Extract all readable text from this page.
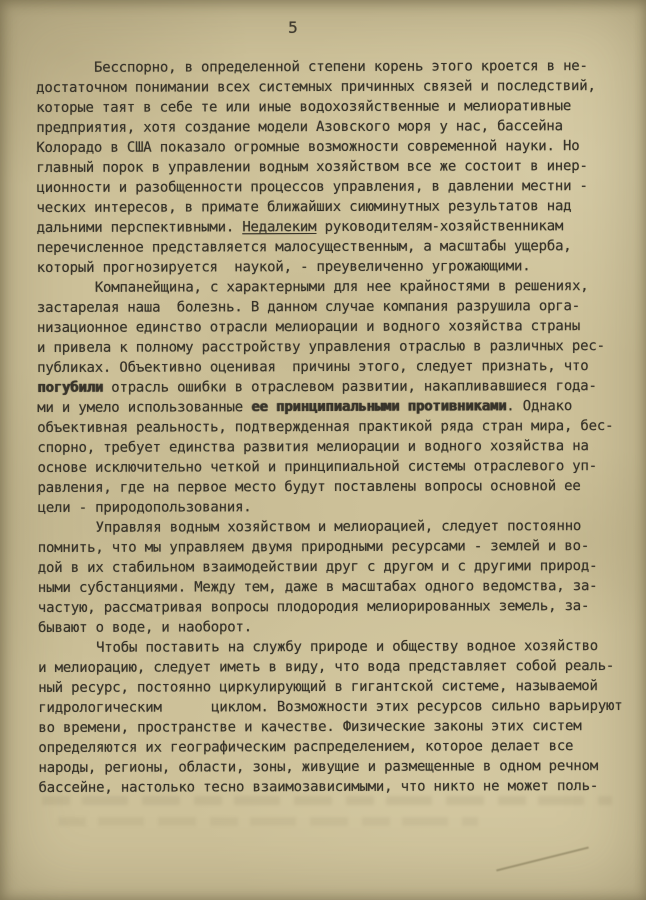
5
Бесспорно, в определенной степени корень этого кроется в не-
достаточном понимании всех системных причинных связей и последствий,
которые таят в себе те или иные водохозяйственные и мелиоративные
предприятия, хотя создание модели Азовского моря у нас, бассейна
Колорадо в США показало огромные возможности современной науки. Но
главный порок в управлении водным хозяйством все же состоит в инер-
ционности и разобщенности процессов управления, в давлении местни -
ческих интересов, в примате ближайших сиюминутных результатов над
дальними перспективными. Недалеким руководителям-хозяйственникам
перечисленное представляется малосущественным, а масштабы ущерба,
который прогнозируется  наукой, - преувеличенно угрожающими.
Компанейщина, с характерными для нее крайностями в решениях,
застарелая наша  болезнь. В данном случае компания разрушила орга-
низационное единство отрасли мелиорации и водного хозяйства страны
и привела к полному расстройству управления отраслью в различных рес-
публиках. Объективно оценивая  причины этого, следует признать, что
погубили отрасль ошибки в отраслевом развитии, накапливавшиеся года-
ми и умело использованные ее принципиальными противниками. Однако
объективная реальность, подтвержденная практикой ряда стран мира, бес-
спорно, требует единства развития мелиорации и водного хозяйства на
основе исключительно четкой и принципиальной системы отраслевого уп-
равления, где на первое место будут поставлены вопросы основной ее
цели - природопользования.
Управляя водным хозяйством и мелиорацией, следует постоянно
помнить, что мы управляем двумя природными ресурсами - землей и во-
дой в их стабильном взаимодействии друг с другом и с другими природ-
ными субстанциями. Между тем, даже в масштабах одного ведомства, за-
частую, рассматривая вопросы плодородия мелиорированных земель, за-
бывают о воде, и наоборот.
Чтобы поставить на службу природе и обществу водное хозяйство
и мелиорацию, следует иметь в виду, что вода представляет собой реаль-
ный ресурс, постоянно циркулирующий в гигантской системе, называемой
гидрологическим      циклом. Возможности этих ресурсов сильно варьируют
во времени, пространстве и качестве. Физические законы этих систем
определяются их географическим распределением, которое делает все
народы, регионы, области, зоны, живущие и размещенные в одном речном
бассейне, настолько тесно взаимозависимыми, что никто не может поль-
